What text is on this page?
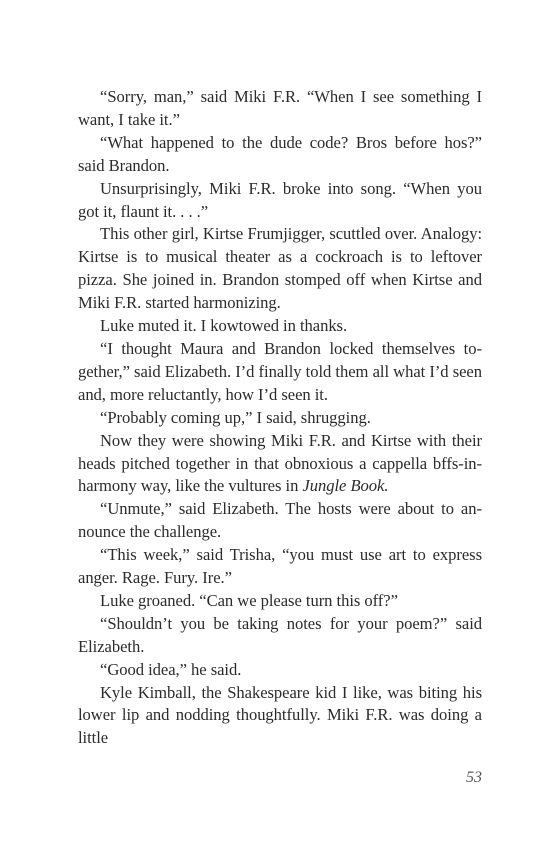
“Sorry, man,” said Miki F.R. “When I see something I want, I take it.”

“What happened to the dude code? Bros before hos?” said Brandon.

Unsurprisingly, Miki F.R. broke into song. “When you got it, flaunt it. . . .”

This other girl, Kirtse Frumjigger, scuttled over. Analogy: Kirtse is to musical theater as a cockroach is to leftover pizza. She joined in. Brandon stomped off when Kirtse and Miki F.R. started harmonizing.

Luke muted it. I kowtowed in thanks.

“I thought Maura and Brandon locked themselves together,” said Elizabeth. I’d finally told them all what I’d seen and, more reluctantly, how I’d seen it.

“Probably coming up,” I said, shrugging.

Now they were showing Miki F.R. and Kirtse with their heads pitched together in that obnoxious a cappella bffs-in-harmony way, like the vultures in Jungle Book.

“Unmute,” said Elizabeth. The hosts were about to announce the challenge.

“This week,” said Trisha, “you must use art to express anger. Rage. Fury. Ire.”

Luke groaned. “Can we please turn this off?”

“Shouldn’t you be taking notes for your poem?” said Elizabeth.

“Good idea,” he said.

Kyle Kimball, the Shakespeare kid I like, was biting his lower lip and nodding thoughtfully. Miki F.R. was doing a little

53
